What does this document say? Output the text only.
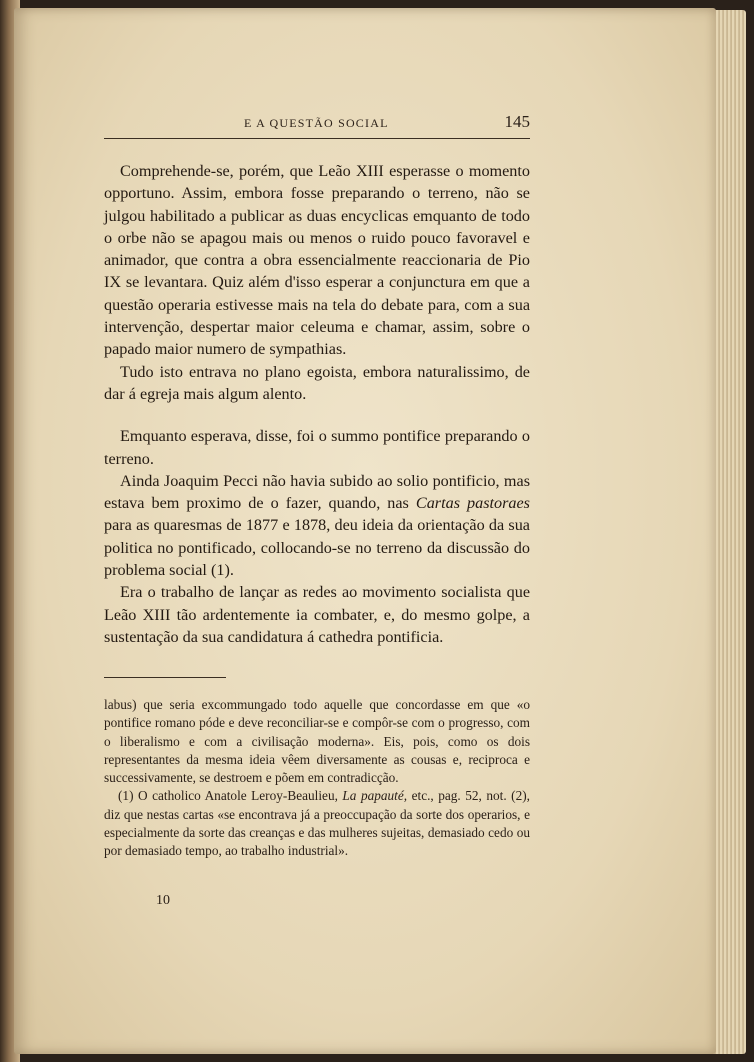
E A QUESTÃO SOCIAL	145

Comprehende-se, porém, que Leão XIII esperasse o momento opportuno. Assim, embora fosse preparando o terreno, não se julgou habilitado a publicar as duas encyclicas emquanto de todo o orbe não se apagou mais ou menos o ruido pouco favoravel e animador, que contra a obra essencialmente reaccionaria de Pio IX se levantara. Quiz além d'isso esperar a conjunctura em que a questão operaria estivesse mais na tela do debate para, com a sua intervenção, despertar maior celeuma e chamar, assim, sobre o papado maior numero de sympathias.

Tudo isto entrava no plano egoista, embora naturalissimo, de dar á egreja mais algum alento.

Emquanto esperava, disse, foi o summo pontifice preparando o terreno.

Ainda Joaquim Pecci não havia subido ao solio pontificio, mas estava bem proximo de o fazer, quando, nas Cartas pastoraes para as quaresmas de 1877 e 1878, deu ideia da orientação da sua politica no pontificado, collocando-se no terreno da discussão do problema social (1).

Era o trabalho de lançar as redes ao movimento socialista que Leão XIII tão ardentemente ia combater, e, do mesmo golpe, a sustentação da sua candidatura á cathedra pontificia.

labus) que seria excommungado todo aquelle que concordasse em que «o pontifice romano póde e deve reconciliar-se e compôr-se com o progresso, com o liberalismo e com a civilisação moderna». Eis, pois, como os dois representantes da mesma ideia vêem diversamente as cousas e, reciproca e successivamente, se destroem e põem em contradicção.

(1) O catholico Anatole Leroy-Beaulieu, La papauté, etc., pag. 52, not. (2), diz que nestas cartas «se encontrava já a preoccupação da sorte dos operarios, e especialmente da sorte das creanças e das mulheres sujeitas, demasiado cedo ou por demasiado tempo, ao trabalho industrial».

10
